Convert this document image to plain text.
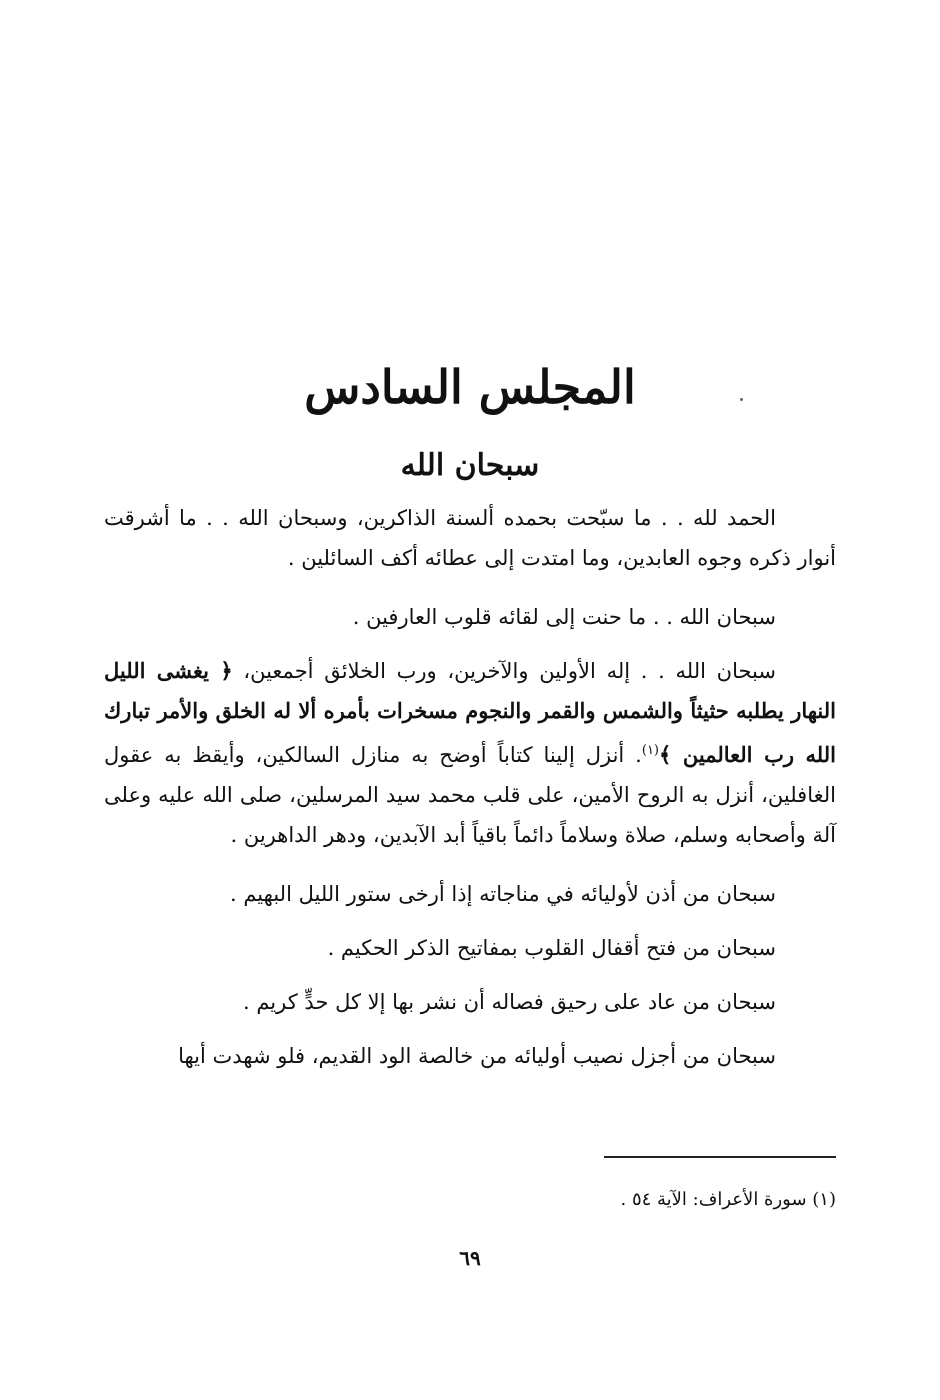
المجلس السادس
سبحان الله

الحمد لله . . ما سبّحت بحمده ألسنة الذاكرين، وسبحان الله . . ما أشرقت أنوار ذكره وجوه العابدين، وما امتدت إلى عطائه أكف السائلين .

سبحان الله . . ما حنت إلى لقائه قلوب العارفين .

سبحان الله . . إله الأولين والآخرين، ورب الخلائق أجمعين، ﴿ يغشى الليل النهار يطلبه حثيثاً والشمس والقمر والنجوم مسخرات بأمره ألا له الخلق والأمر تبارك الله رب العالمين ﴾$^{(١)}$. أنزل إلينا كتاباً أوضح به منازل السالكين، وأيقظ به عقول الغافلين، أنزل به الروح الأمين، على قلب محمد سيد المرسلين، صلى الله عليه وعلى آلة وأصحابه وسلم، صلاة وسلاماً دائماً باقياً أبد الآبدين، ودهر الداهرين .

سبحان من أذن لأوليائه في مناجاته إذا أرخى ستور الليل البهيم .

سبحان من فتح أقفال القلوب بمفاتيح الذكر الحكيم .

سبحان من عاد على رحيق فصاله أن نشر بها إلا كل حدٍّ كريم .

سبحان من أجزل نصيب أوليائه من خالصة الود القديم، فلو شهدت أيها

(١) سورة الأعراف: الآية ٥٤ .

٦٩
